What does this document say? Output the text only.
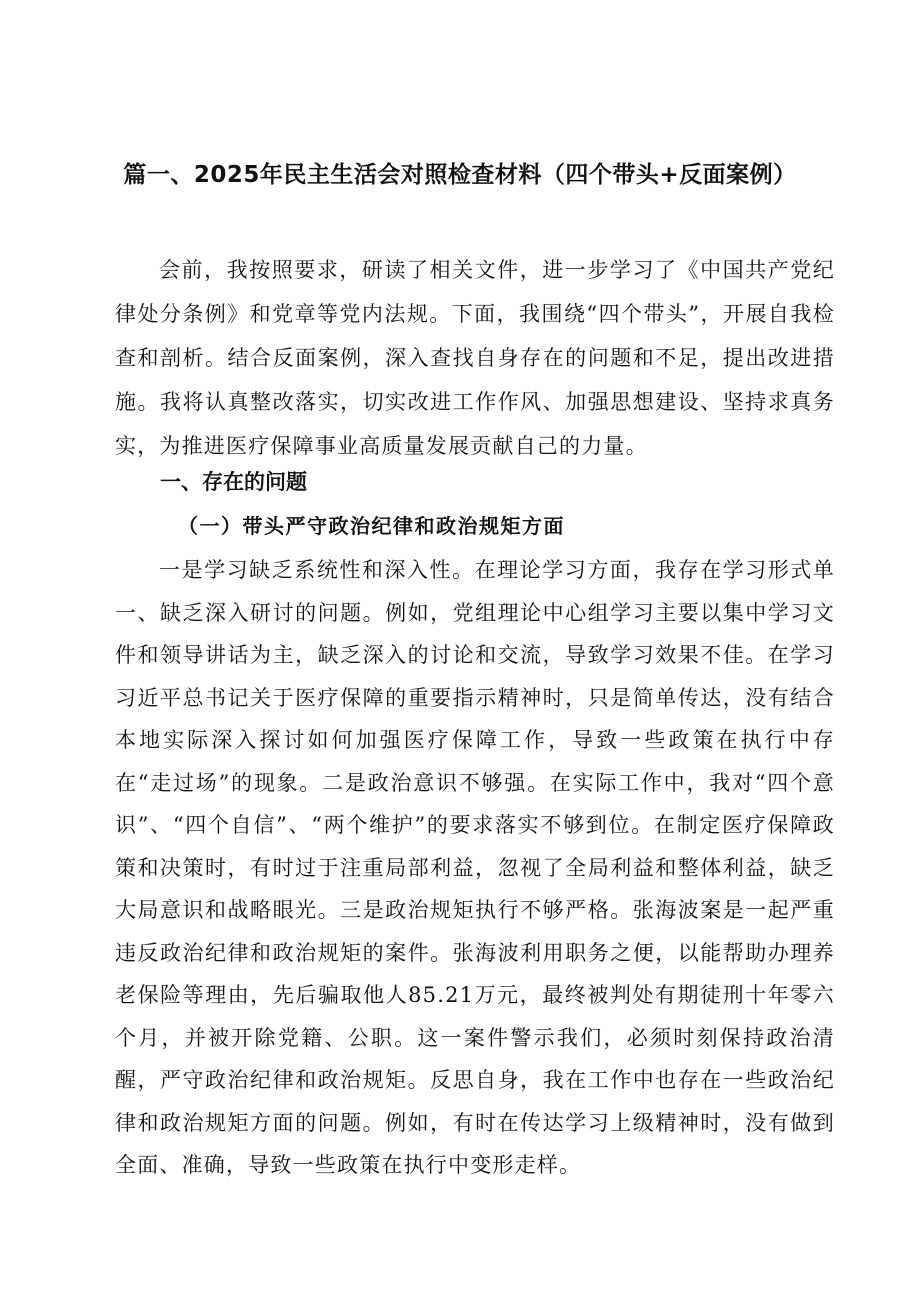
篇一、2025年民主生活会对照检查材料（四个带头+反面案例）

会前，我按照要求，研读了相关文件，进一步学习了《中国共产党纪律处分条例》和党章等党内法规。下面，我围绕“四个带头”，开展自我检查和剖析。结合反面案例，深入查找自身存在的问题和不足，提出改进措施。我将认真整改落实，切实改进工作作风、加强思想建设、坚持求真务实，为推进医疗保障事业高质量发展贡献自己的力量。

一、存在的问题
（一）带头严守政治纪律和政治规矩方面

一是学习缺乏系统性和深入性。在理论学习方面，我存在学习形式单一、缺乏深入研讨的问题。例如，党组理论中心组学习主要以集中学习文件和领导讲话为主，缺乏深入的讨论和交流，导致学习效果不佳。在学习习近平总书记关于医疗保障的重要指示精神时，只是简单传达，没有结合本地实际深入探讨如何加强医疗保障工作，导致一些政策在执行中存在“走过场”的现象。二是政治意识不够强。在实际工作中，我对“四个意识”、“四个自信”、“两个维护”的要求落实不够到位。在制定医疗保障政策和决策时，有时过于注重局部利益，忽视了全局利益和整体利益，缺乏大局意识和战略眼光。三是政治规矩执行不够严格。张海波案是一起严重违反政治纪律和政治规矩的案件。张海波利用职务之便，以能帮助办理养老保险等理由，先后骗取他人85.21万元，最终被判处有期徒刑十年零六个月，并被开除党籍、公职。这一案件警示我们，必须时刻保持政治清醒，严守政治纪律和政治规矩。反思自身，我在工作中也存在一些政治纪律和政治规矩方面的问题。例如，有时在传达学习上级精神时，没有做到全面、准确，导致一些政策在执行中变形走样。
